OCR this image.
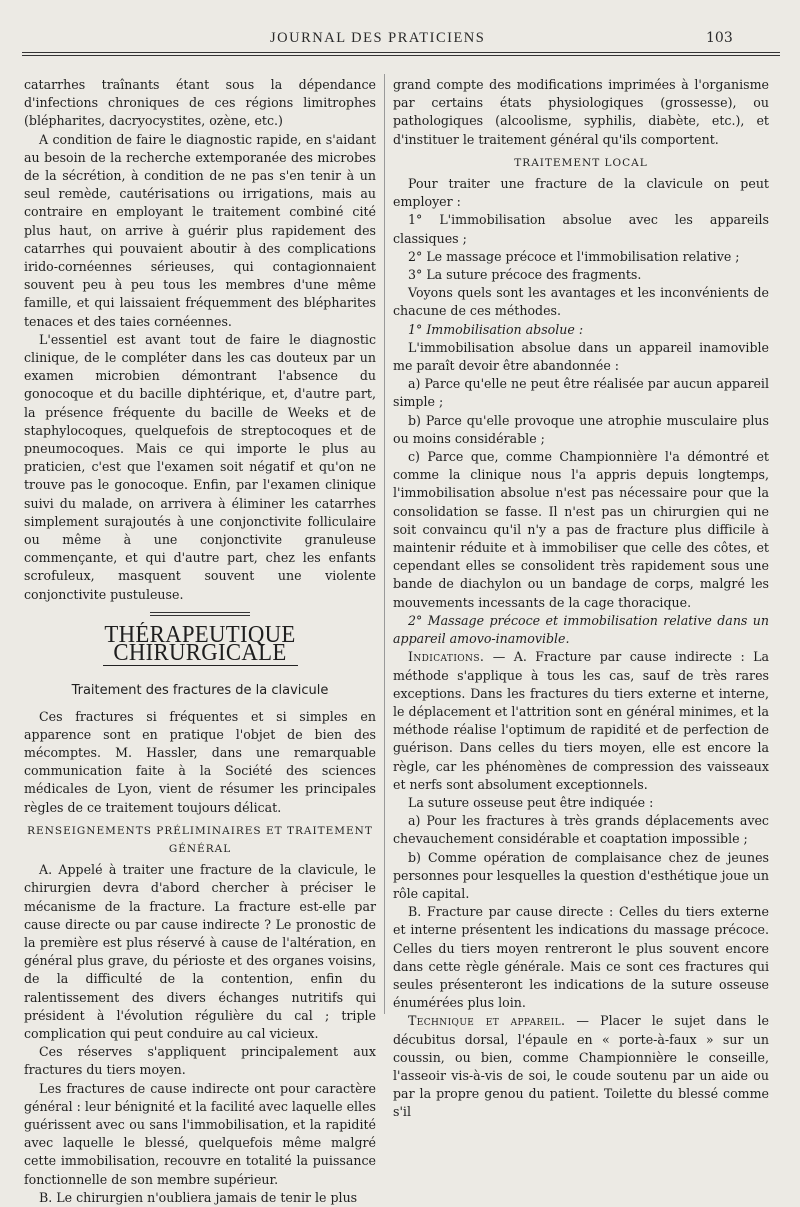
JOURNAL DES PRATICIENS	103

catarrhes traînants étant sous la dépendance d'infections chroniques de ces régions limitrophes (blépharites, dacryocystites, ozène, etc.)

A condition de faire le diagnostic rapide, en s'aidant au besoin de la recherche extemporanée des microbes de la sécrétion, à condition de ne pas s'en tenir à un seul remède, cautérisations ou irrigations, mais au contraire en employant le traitement combiné cité plus haut, on arrive à guérir plus rapidement des catarrhes qui pouvaient aboutir à des complications irido-cornéennes sérieuses, qui contagionnaient souvent peu à peu tous les membres d'une même famille, et qui laissaient fréquemment des blépharites tenaces et des taies cornéennes.

L'essentiel est avant tout de faire le diagnostic clinique, de le compléter dans les cas douteux par un examen microbien démontrant l'absence du gonocoque et du bacille diphtérique, et, d'autre part, la présence fréquente du bacille de Weeks et de staphylocoques, quelquefois de streptocoques et de pneumocoques. Mais ce qui importe le plus au praticien, c'est que l'examen soit négatif et qu'on ne trouve pas le gonocoque. Enfin, par l'examen clinique suivi du malade, on arrivera à éliminer les catarrhes simplement surajoutés à une conjonctivite folliculaire ou même à une conjonctivite granuleuse commençante, et qui d'autre part, chez les enfants scrofuleux, masquent souvent une violente conjonctivite pustuleuse.

THÉRAPEUTIQUE CHIRURGICALE
Traitement des fractures de la clavicule

Ces fractures si fréquentes et si simples en apparence sont en pratique l'objet de bien des mécomptes. M. Hassler, dans une remarquable communication faite à la Société des sciences médicales de Lyon, vient de résumer les principales règles de ce traitement toujours délicat.

RENSEIGNEMENTS PRÉLIMINAIRES ET TRAITEMENT GÉNÉRAL

A. Appelé à traiter une fracture de la clavicule, le chirurgien devra d'abord chercher à préciser le mécanisme de la fracture. La fracture est-elle par cause directe ou par cause indirecte ? Le pronostic de la première est plus réservé à cause de l'altération, en général plus grave, du périoste et des organes voisins, de la difficulté de la contention, enfin du ralentissement des divers échanges nutritifs qui président à l'évolution régulière du cal ; triple complication qui peut conduire au cal vicieux.

Ces réserves s'appliquent principalement aux fractures du tiers moyen.

Les fractures de cause indirecte ont pour caractère général : leur bénignité et la facilité avec laquelle elles guérissent avec ou sans l'immobilisation, et la rapidité avec laquelle le blessé, quelquefois même malgré cette immobilisation, recouvre en totalité la puissance fonctionnelle de son membre supérieur.

B. Le chirurgien n'oubliera jamais de tenir le plus

grand compte des modifications imprimées à l'organisme par certains états physiologiques (grossesse), ou pathologiques (alcoolisme, syphilis, diabète, etc.), et d'instituer le traitement général qu'ils comportent.

TRAITEMENT LOCAL

Pour traiter une fracture de la clavicule on peut employer :

1° L'immobilisation absolue avec les appareils classiques ;

2° Le massage précoce et l'immobilisation relative ;

3° La suture précoce des fragments.

Voyons quels sont les avantages et les inconvénients de chacune de ces méthodes.

1° Immobilisation absolue :

L'immobilisation absolue dans un appareil inamovible me paraît devoir être abandonnée :

a) Parce qu'elle ne peut être réalisée par aucun appareil simple ;

b) Parce qu'elle provoque une atrophie musculaire plus ou moins considérable ;

c) Parce que, comme Championnière l'a démontré et comme la clinique nous l'a appris depuis longtemps, l'immobilisation absolue n'est pas nécessaire pour que la consolidation se fasse. Il n'est pas un chirurgien qui ne soit convaincu qu'il n'y a pas de fracture plus difficile à maintenir réduite et à immobiliser que celle des côtes, et cependant elles se consolident très rapidement sous une bande de diachylon ou un bandage de corps, malgré les mouvements incessants de la cage thoracique.

2° Massage précoce et immobilisation relative dans un appareil amovo-inamovible.

Indications. — A. Fracture par cause indirecte : La méthode s'applique à tous les cas, sauf de très rares exceptions. Dans les fractures du tiers externe et interne, le déplacement et l'attrition sont en général minimes, et la méthode réalise l'optimum de rapidité et de perfection de guérison. Dans celles du tiers moyen, elle est encore la règle, car les phénomènes de compression des vaisseaux et nerfs sont absolument exceptionnels.

La suture osseuse peut être indiquée :

a) Pour les fractures à très grands déplacements avec chevauchement considérable et coaptation impossible ;

b) Comme opération de complaisance chez de jeunes personnes pour lesquelles la question d'esthétique joue un rôle capital.

B. Fracture par cause directe : Celles du tiers externe et interne présentent les indications du massage précoce. Celles du tiers moyen rentreront le plus souvent encore dans cette règle générale. Mais ce sont ces fractures qui seules présenteront les indications de la suture osseuse énumérées plus loin.

Technique et appareil. — Placer le sujet dans le décubitus dorsal, l'épaule en « porte-à-faux » sur un coussin, ou bien, comme Championnière le conseille, l'asseoir vis-à-vis de soi, le coude soutenu par un aide ou par la propre genou du patient. Toilette du blessé comme s'il
